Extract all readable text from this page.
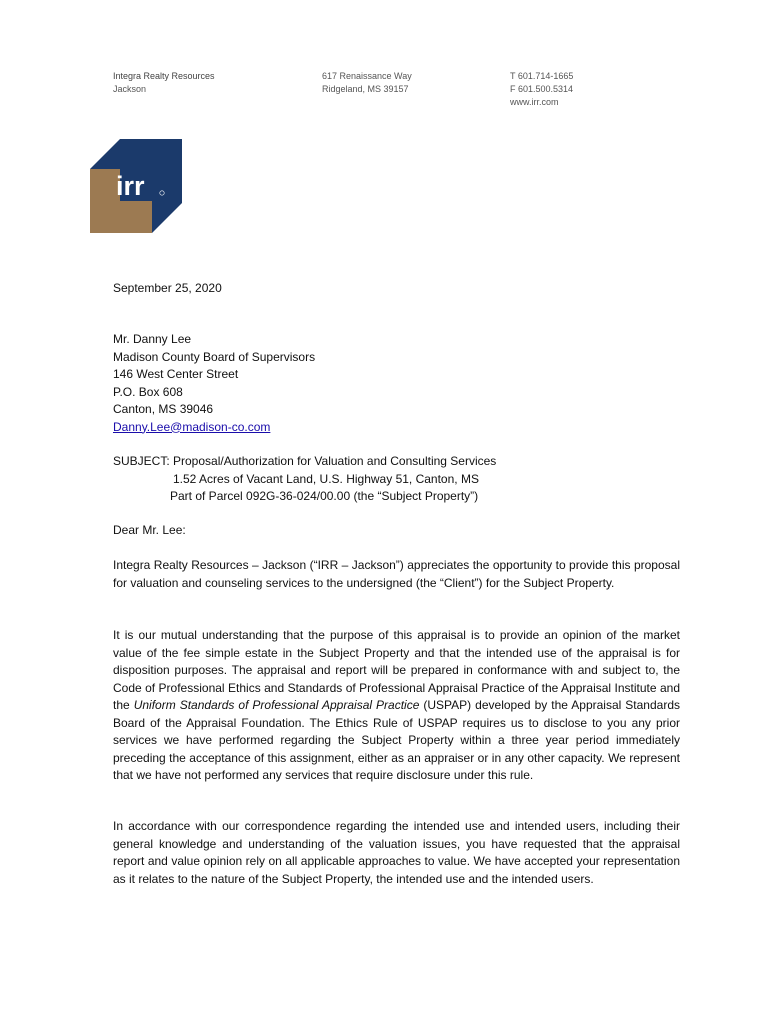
Integra Realty Resources
Jackson
617 Renaissance Way
Ridgeland, MS 39157
T 601.714-1665
F 601.500.5314
www.irr.com
irr
September 25, 2020
Mr. Danny Lee
Madison County Board of Supervisors
146 West Center Street
P.O. Box 608
Canton, MS 39046
Danny.Lee@madison-co.com
SUBJECT: Proposal/Authorization for Valuation and Consulting Services
1.52 Acres of Vacant Land, U.S. Highway 51, Canton, MS
Part of Parcel 092G-36-024/00.00 (the “Subject Property”)
Dear Mr. Lee:
Integra Realty Resources – Jackson (“IRR – Jackson”) appreciates the opportunity to provide this proposal for valuation and counseling services to the undersigned (the “Client”) for the Subject Property.
It is our mutual understanding that the purpose of this appraisal is to provide an opinion of the market value of the fee simple estate in the Subject Property and that the intended use of the appraisal is for disposition purposes. The appraisal and report will be prepared in conformance with and subject to, the Code of Professional Ethics and Standards of Professional Appraisal Practice of the Appraisal Institute and the Uniform Standards of Professional Appraisal Practice (USPAP) developed by the Appraisal Standards Board of the Appraisal Foundation. The Ethics Rule of USPAP requires us to disclose to you any prior services we have performed regarding the Subject Property within a three year period immediately preceding the acceptance of this assignment, either as an appraiser or in any other capacity. We represent that we have not performed any services that require disclosure under this rule.
In accordance with our correspondence regarding the intended use and intended users, including their general knowledge and understanding of the valuation issues, you have requested that the appraisal report and value opinion rely on all applicable approaches to value. We have accepted your representation as it relates to the nature of the Subject Property, the intended use and the intended users.
